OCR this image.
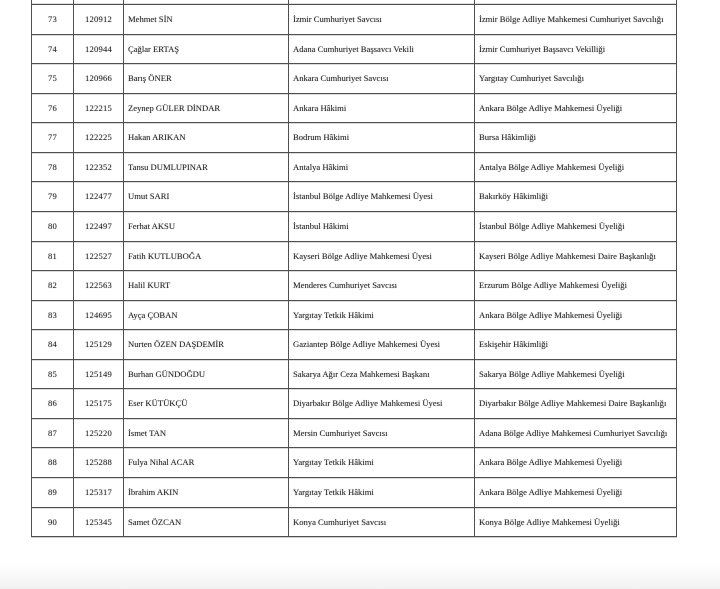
73	120912	Mehmet SİN	İzmir Cumhuriyet Savcısı	İzmir Bölge Adliye Mahkemesi Cumhuriyet Savcılığı
74	120944	Çağlar ERTAŞ	Adana Cumhuriyet Başsavcı Vekili	İzmir Cumhuriyet Başsavcı Vekilliği
75	120966	Barış ÖNER	Ankara Cumhuriyet Savcısı	Yargıtay Cumhuriyet Savcılığı
76	122215	Zeynep GÜLER DİNDAR	Ankara Hâkimi	Ankara Bölge Adliye Mahkemesi Üyeliği
77	122225	Hakan ARIKAN	Bodrum Hâkimi	Bursa Hâkimliği
78	122352	Tansu DUMLUPINAR	Antalya Hâkimi	Antalya Bölge Adliye Mahkemesi Üyeliği
79	122477	Umut SARI	İstanbul Bölge Adliye Mahkemesi Üyesi	Bakırköy Hâkimliği
80	122497	Ferhat AKSU	İstanbul Hâkimi	İstanbul Bölge Adliye Mahkemesi Üyeliği
81	122527	Fatih KUTLUBOĞA	Kayseri Bölge Adliye Mahkemesi Üyesi	Kayseri Bölge Adliye Mahkemesi Daire Başkanlığı
82	122563	Halil KURT	Menderes Cumhuriyet Savcısı	Erzurum Bölge Adliye Mahkemesi Üyeliği
83	124695	Ayça ÇOBAN	Yargıtay Tetkik Hâkimi	Ankara Bölge Adliye Mahkemesi Üyeliği
84	125129	Nurten ÖZEN DAŞDEMİR	Gaziantep Bölge Adliye Mahkemesi Üyesi	Eskişehir Hâkimliği
85	125149	Burhan GÜNDOĞDU	Sakarya Ağır Ceza Mahkemesi Başkanı	Sakarya Bölge Adliye Mahkemesi Üyeliği
86	125175	Eser KÜTÜKÇÜ	Diyarbakır Bölge Adliye Mahkemesi Üyesi	Diyarbakır Bölge Adliye Mahkemesi Daire Başkanlığı
87	125220	İsmet TAN	Mersin Cumhuriyet Savcısı	Adana Bölge Adliye Mahkemesi Cumhuriyet Savcılığı
88	125288	Fulya Nihal ACAR	Yargıtay Tetkik Hâkimi	Ankara Bölge Adliye Mahkemesi Üyeliği
89	125317	İbrahim AKIN	Yargıtay Tetkik Hâkimi	Ankara Bölge Adliye Mahkemesi Üyeliği
90	125345	Samet ÖZCAN	Konya Cumhuriyet Savcısı	Konya Bölge Adliye Mahkemesi Üyeliği
